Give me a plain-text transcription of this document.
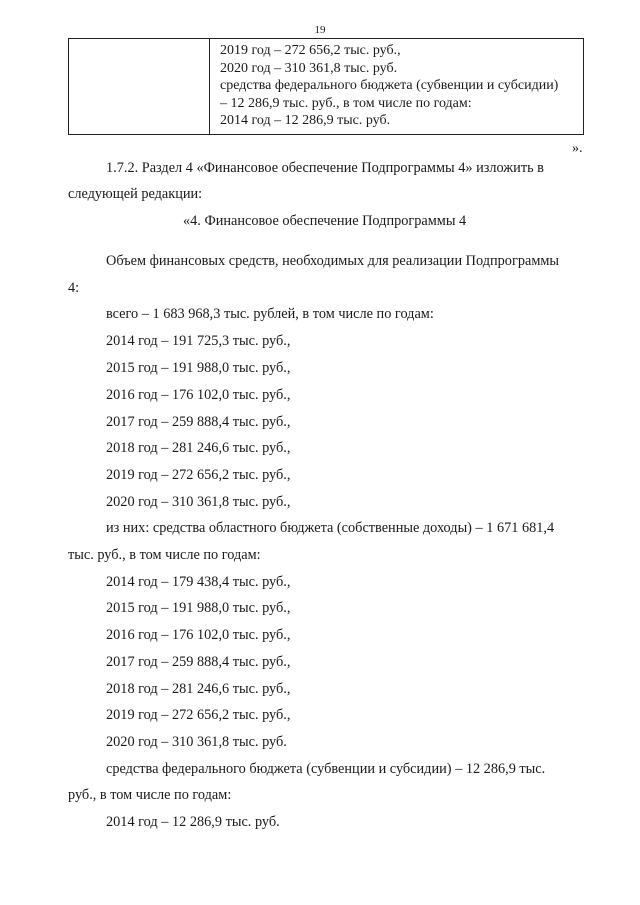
19
2019 год – 272 656,2 тыс. руб.,
2020 год – 310 361,8 тыс. руб.
средства федерального бюджета (субвенции и субсидии)
– 12 286,9 тыс. руб., в том числе по годам:
2014 год – 12 286,9 тыс. руб.
».
1.7.2. Раздел 4 «Финансовое обеспечение Подпрограммы 4» изложить в
следующей редакции:
«4. Финансовое обеспечение Подпрограммы 4
Объем финансовых средств, необходимых для реализации Подпрограммы
4:
всего – 1 683 968,3 тыс. рублей, в том числе по годам:
2014 год – 191 725,3 тыс. руб.,
2015 год – 191 988,0 тыс. руб.,
2016 год – 176 102,0 тыс. руб.,
2017 год – 259 888,4 тыс. руб.,
2018 год – 281 246,6 тыс. руб.,
2019 год – 272 656,2 тыс. руб.,
2020 год – 310 361,8 тыс. руб.,
из них: средства областного бюджета (собственные доходы) – 1 671 681,4
тыс. руб., в том числе по годам:
2014 год – 179 438,4 тыс. руб.,
2015 год – 191 988,0 тыс. руб.,
2016 год – 176 102,0 тыс. руб.,
2017 год – 259 888,4 тыс. руб.,
2018 год – 281 246,6 тыс. руб.,
2019 год – 272 656,2 тыс. руб.,
2020 год – 310 361,8 тыс. руб.
средства федерального бюджета (субвенции и субсидии) – 12 286,9 тыс.
руб., в том числе по годам:
2014 год – 12 286,9 тыс. руб.
